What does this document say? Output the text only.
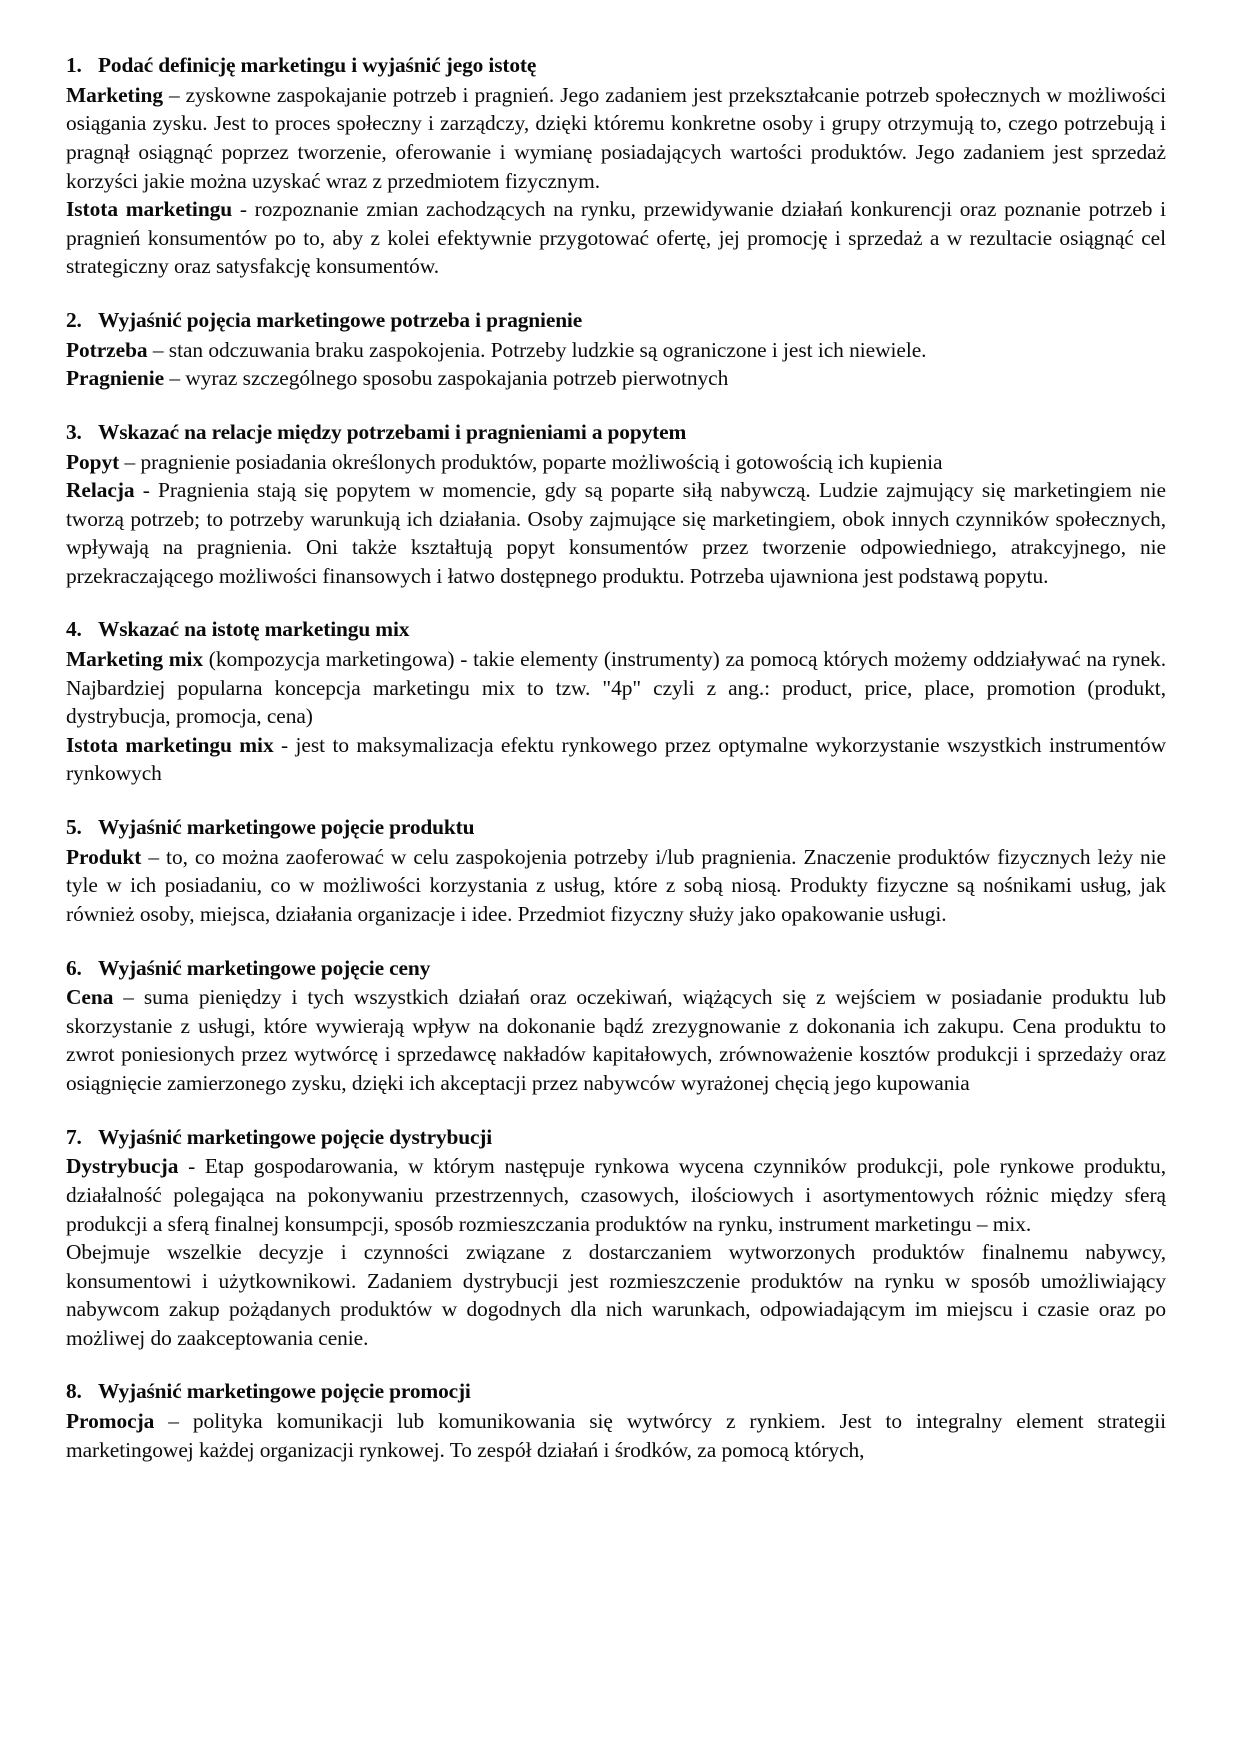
1. Podać definicję marketingu i wyjaśnić jego istotę

Marketing – zyskowne zaspokajanie potrzeb i pragnień. Jego zadaniem jest przekształcanie potrzeb społecznych w możliwości osiągania zysku. Jest to proces społeczny i zarządczy, dzięki któremu konkretne osoby i grupy otrzymują to, czego potrzebują i pragnął osiągnąć poprzez tworzenie, oferowanie i wymianę posiadających wartości produktów. Jego zadaniem jest sprzedaż korzyści jakie można uzyskać wraz z przedmiotem fizycznym.

Istota marketingu - rozpoznanie zmian zachodzących na rynku, przewidywanie działań konkurencji oraz poznanie potrzeb i pragnień konsumentów po to, aby z kolei efektywnie przygotować ofertę, jej promocję i sprzedaż a w rezultacie osiągnąć cel strategiczny oraz satysfakcję konsumentów.

2. Wyjaśnić pojęcia marketingowe potrzeba i pragnienie

Potrzeba – stan odczuwania braku zaspokojenia. Potrzeby ludzkie są ograniczone i jest ich niewiele.

Pragnienie – wyraz szczególnego sposobu zaspokajania potrzeb pierwotnych

3. Wskazać na relacje między potrzebami i pragnieniami a popytem

Popyt – pragnienie posiadania określonych produktów, poparte możliwością i gotowością ich kupienia

Relacja - Pragnienia stają się popytem w momencie, gdy są poparte siłą nabywczą. Ludzie zajmujący się marketingiem nie tworzą potrzeb; to potrzeby warunkują ich działania. Osoby zajmujące się marketingiem, obok innych czynników społecznych, wpływają na pragnienia. Oni także kształtują popyt konsumentów przez tworzenie odpowiedniego, atrakcyjnego, nie przekraczającego możliwości finansowych i łatwo dostępnego produktu. Potrzeba ujawniona jest podstawą popytu.

4. Wskazać na istotę marketingu mix

Marketing mix (kompozycja marketingowa) - takie elementy (instrumenty) za pomocą których możemy oddziaływać na rynek. Najbardziej popularna koncepcja marketingu mix to tzw. "4p" czyli z ang.: product, price, place, promotion (produkt, dystrybucja, promocja, cena)

Istota marketingu mix - jest to maksymalizacja efektu rynkowego przez optymalne wykorzystanie wszystkich instrumentów rynkowych

5. Wyjaśnić marketingowe pojęcie produktu

Produkt – to, co można zaoferować w celu zaspokojenia potrzeby i/lub pragnienia. Znaczenie produktów fizycznych leży nie tyle w ich posiadaniu, co w możliwości korzystania z usług, które z sobą niosą. Produkty fizyczne są nośnikami usług, jak również osoby, miejsca, działania organizacje i idee. Przedmiot fizyczny służy jako opakowanie usługi.

6. Wyjaśnić marketingowe pojęcie ceny

Cena – suma pieniędzy i tych wszystkich działań oraz oczekiwań, wiążących się z wejściem w posiadanie produktu lub skorzystanie z usługi, które wywierają wpływ na dokonanie bądź zrezygnowanie z dokonania ich zakupu. Cena produktu to zwrot poniesionych przez wytwórcę i sprzedawcę nakładów kapitałowych, zrównoważenie kosztów produkcji i sprzedaży oraz osiągnięcie zamierzonego zysku, dzięki ich akceptacji przez nabywców wyrażonej chęcią jego kupowania

7. Wyjaśnić marketingowe pojęcie dystrybucji

Dystrybucja - Etap gospodarowania, w którym następuje rynkowa wycena czynników produkcji, pole rynkowe produktu, działalność polegająca na pokonywaniu przestrzennych, czasowych, ilościowych i asortymentowych różnic między sferą produkcji a sferą finalnej konsumpcji, sposób rozmieszczania produktów na rynku, instrument marketingu – mix.

Obejmuje wszelkie decyzje i czynności związane z dostarczaniem wytworzonych produktów finalnemu nabywcy, konsumentowi i użytkownikowi. Zadaniem dystrybucji jest rozmieszczenie produktów na rynku w sposób umożliwiający nabywcom zakup pożądanych produktów w dogodnych dla nich warunkach, odpowiadającym im miejscu i czasie oraz po możliwej do zaakceptowania cenie.

8. Wyjaśnić marketingowe pojęcie promocji

Promocja – polityka komunikacji lub komunikowania się wytwórcy z rynkiem. Jest to integralny element strategii marketingowej każdej organizacji rynkowej. To zespół działań i środków, za pomocą których,
